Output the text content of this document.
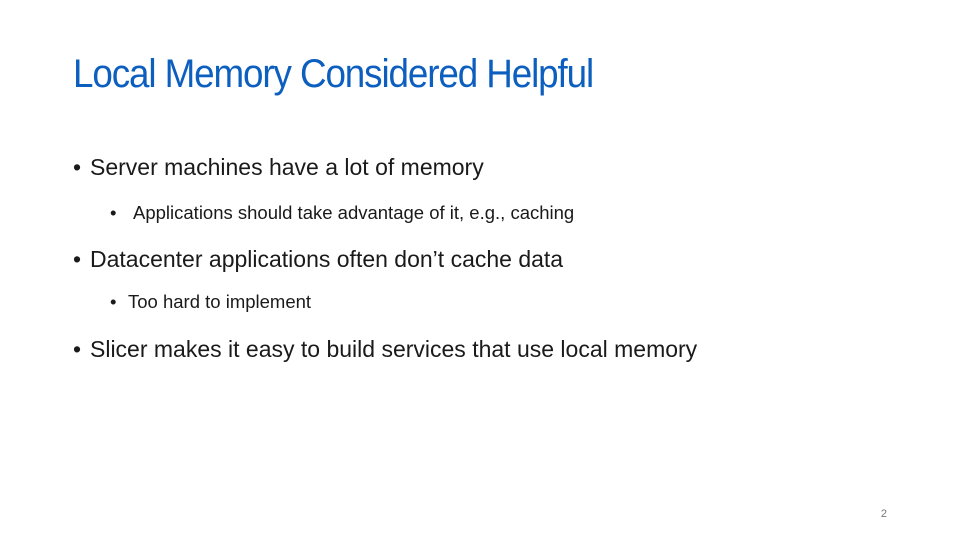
Local Memory Considered Helpful
• Server machines have a lot of memory
• Applications should take advantage of it, e.g., caching
• Datacenter applications often don’t cache data
• Too hard to implement
• Slicer makes it easy to build services that use local memory
2
